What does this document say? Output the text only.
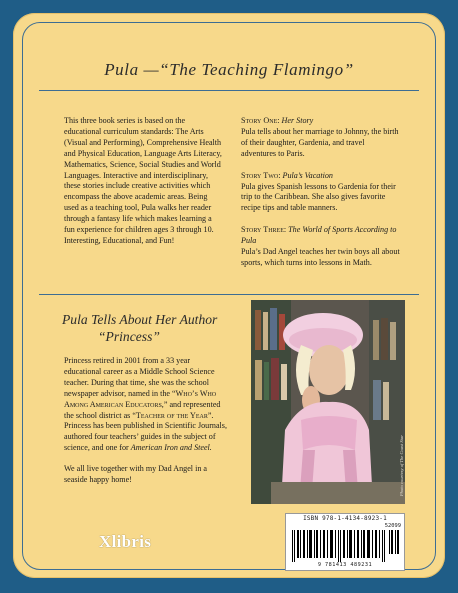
Pula —“The Teaching Flamingo”

This three book series is based on the educational curriculum standards: The Arts (Visual and Performing), Comprehensive Health and Physical Education, Language Arts Literacy, Mathematics, Science, Social Studies and World Languages. Interactive and interdisciplinary, these stories include creative activities which encompass the above academic areas. Being used as a teaching tool, Pula walks her reader through a fantasy life which makes learning a fun experience for children ages 3 through 10. Interesting, Educational, and Fun!

Story One: Her Story

Pula tells about her marriage to Johnny, the birth of their daughter, Gardenia, and travel adventures to Paris.

Story Two: Pula’s Vacation

Pula gives Spanish lessons to Gardenia for their trip to the Caribbean. She also gives favorite recipe tips and table manners.

Story Three: The World of Sports According to Pula

Pula’s Dad Angel teaches her twin boys all about sports, which turns into lessons in Math.

Pula Tells About Her Author
“Princess”

Princess retired in 2001 from a 33 year educational career as a Middle School Science teacher. During that time, she was the school newspaper advisor, named in the “Who’s Who Among American Educators,” and represented the school district as “Teacher of the Year”. Princess has been published in Scientific Journals, authored four teachers’ guides in the subject of science, and one for American Iron and Steel.

We all live together with my Dad Angel in a seaside happy home!	Photo courtesy of The Coast Star
ISBN 978-1-4134-8923-1
52099
9 781413 489231
Xlibris
